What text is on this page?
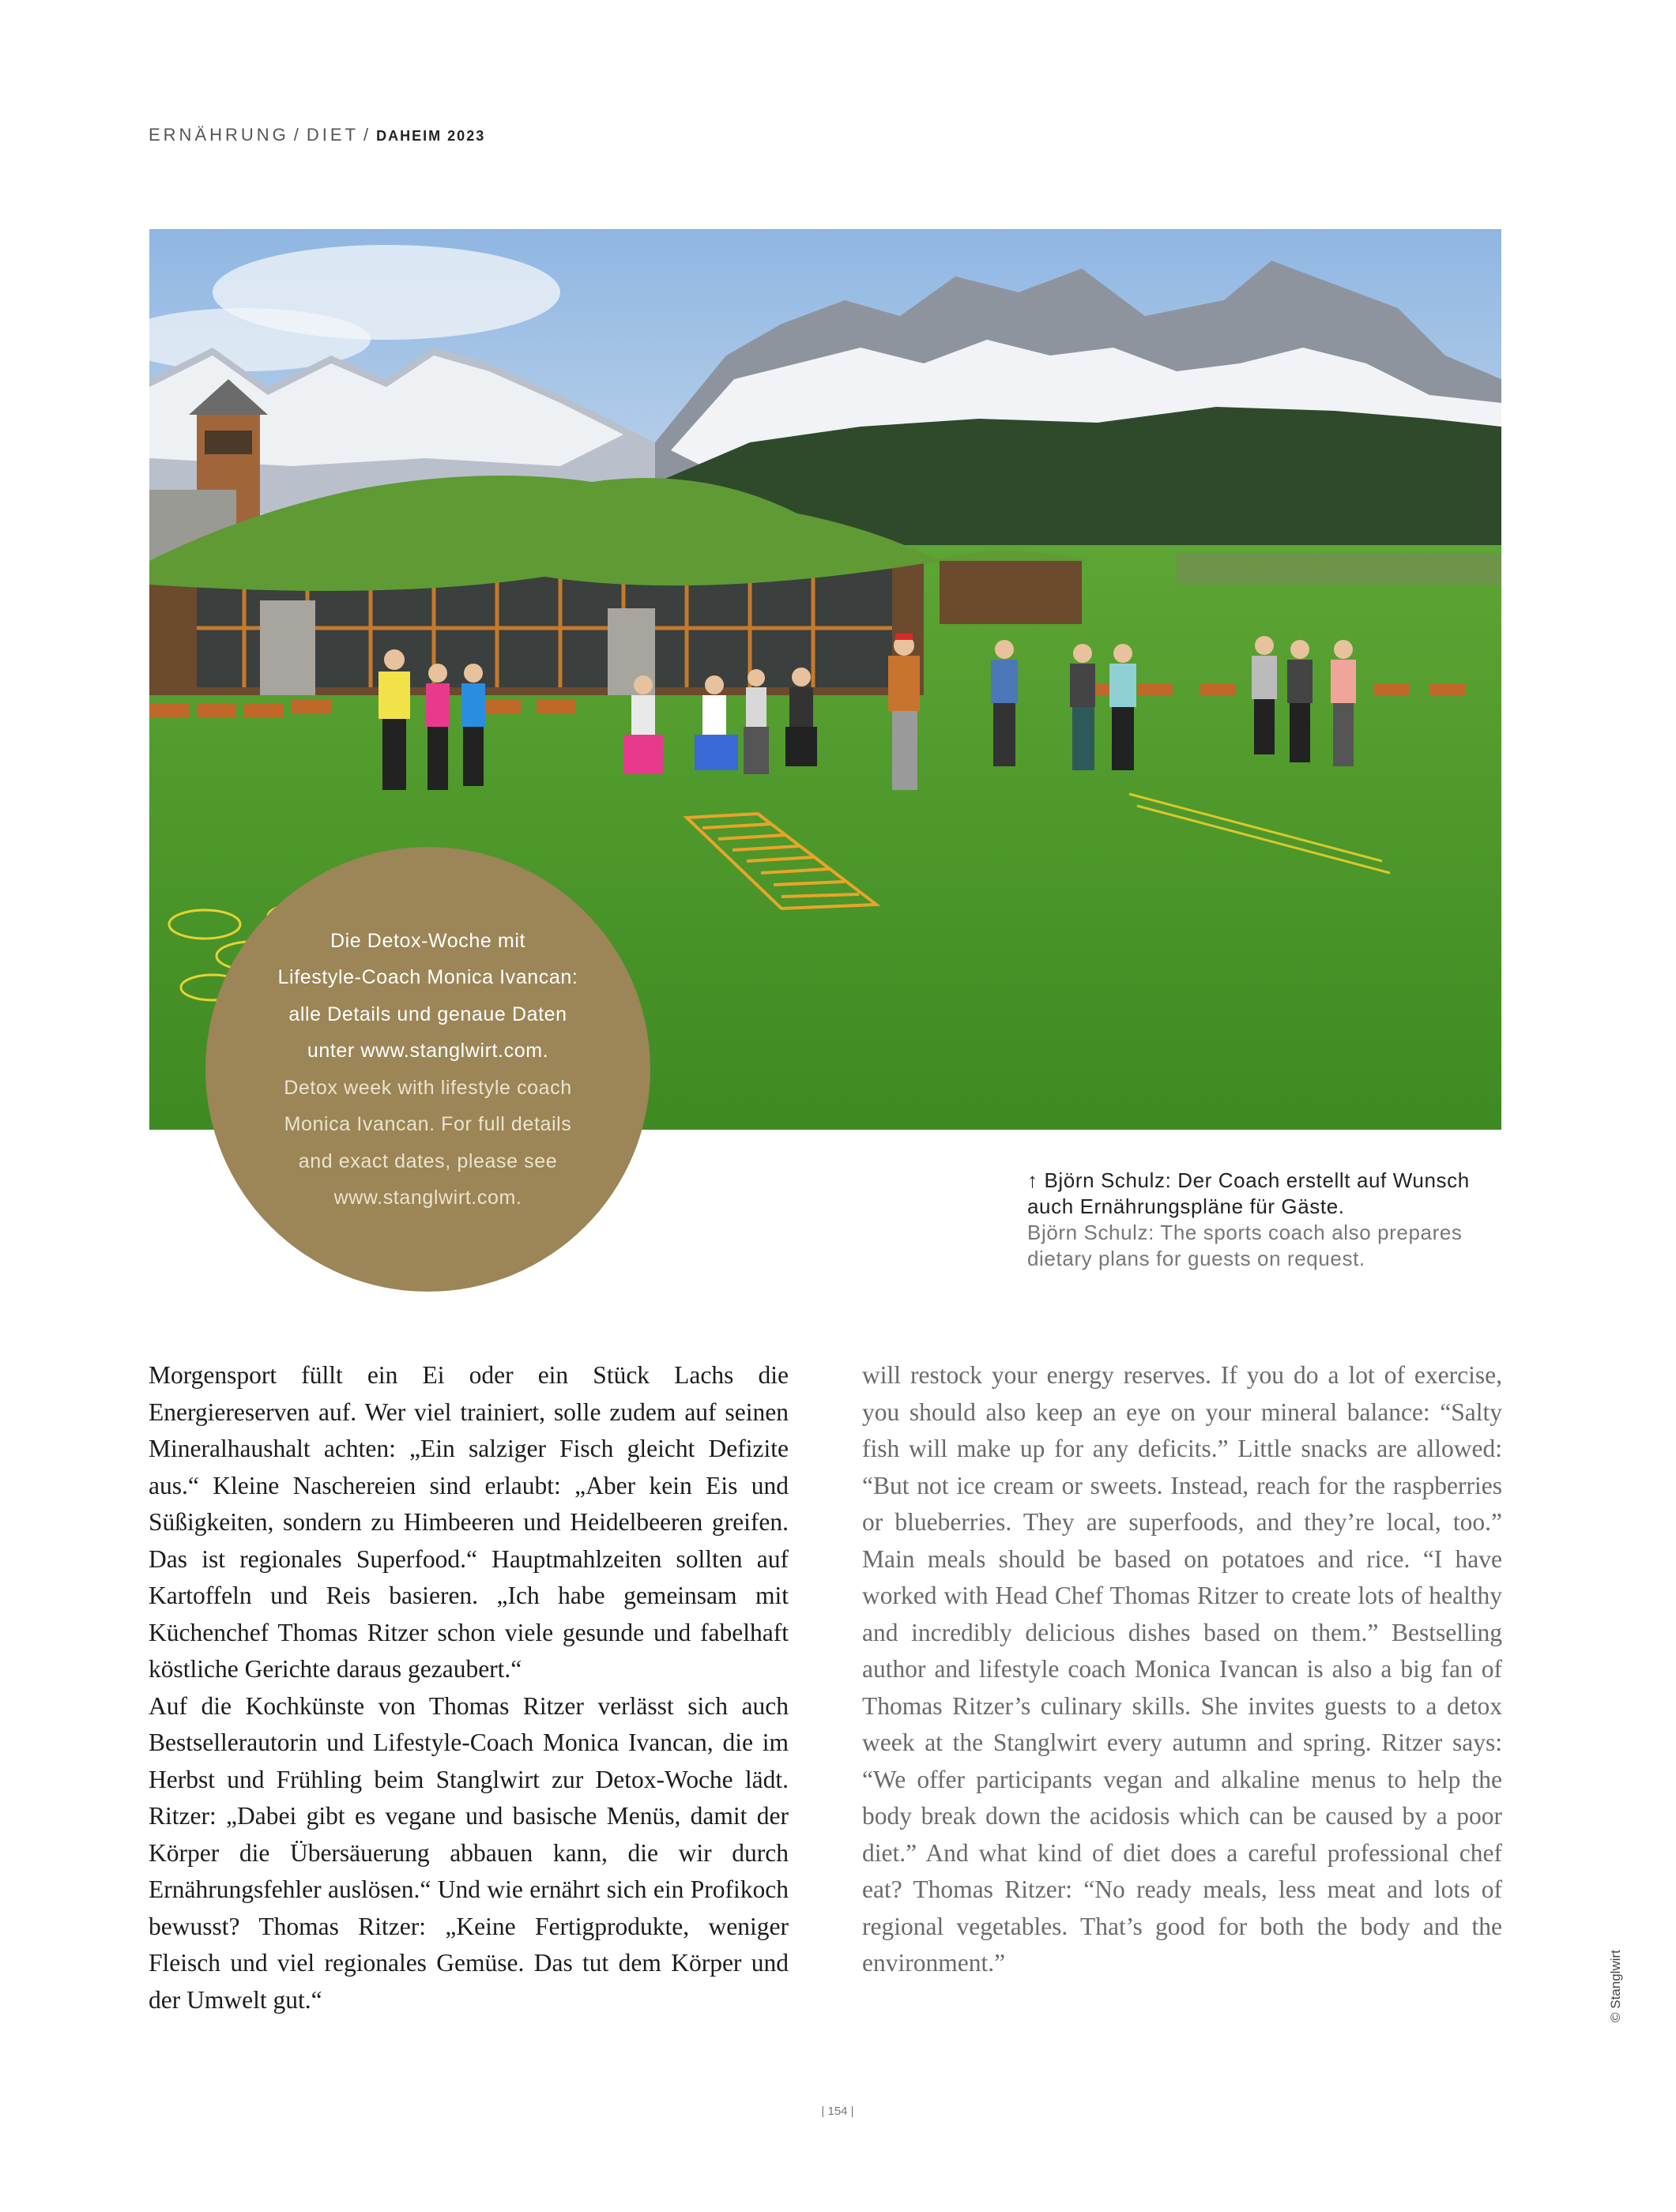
ERNÄHRUNG / DIET / DAHEIM 2023

Die Detox-Woche mit

Lifestyle-Coach Monica Ivancan:

alle Details und genaue Daten

unter www.stanglwirt.com.

Detox week with lifestyle coach

Monica Ivancan. For full details

and exact dates, please see

www.stanglwirt.com.

↑ Björn Schulz: Der Coach erstellt auf Wunsch auch Ernährungspläne für Gäste.

Björn Schulz: The sports coach also prepares dietary plans for guests on request.

Morgensport füllt ein Ei oder ein Stück Lachs die Energiereserven auf. Wer viel trainiert, solle zudem auf seinen Mineralhaushalt achten: „Ein salziger Fisch gleicht Defizite aus.“ Kleine Naschereien sind erlaubt: „Aber kein Eis und Süßigkeiten, sondern zu Himbeeren und Heidelbeeren greifen. Das ist regionales Superfood.“ Hauptmahlzeiten sollten auf Kartoffeln und Reis basieren. „Ich habe gemeinsam mit Küchenchef Thomas Ritzer schon viele gesunde und fabelhaft köstliche Gerichte daraus gezaubert.“

Auf die Kochkünste von Thomas Ritzer verlässt sich auch Bestsellerautorin und Lifestyle-Coach Monica Ivancan, die im Herbst und Frühling beim Stanglwirt zur Detox-Woche lädt. Ritzer: „Dabei gibt es vegane und basische Menüs, damit der Körper die Übersäuerung abbauen kann, die wir durch Ernährungsfehler auslösen.“ Und wie ernährt sich ein Profikoch bewusst? Thomas Ritzer: „Keine Fertigprodukte, weniger Fleisch und viel regionales Gemüse. Das tut dem Körper und der Umwelt gut.“

will restock your energy reserves. If you do a lot of exercise, you should also keep an eye on your mineral balance: “Salty fish will make up for any deficits.” Little snacks are allowed: “But not ice cream or sweets. Instead, reach for the raspberries or blueberries. They are superfoods, and they’re local, too.” Main meals should be based on potatoes and rice. “I have worked with Head Chef Thomas Ritzer to create lots of healthy and incredibly delicious dishes based on them.” Bestselling author and lifestyle coach Monica Ivancan is also a big fan of Thomas Ritzer’s culinary skills. She invites guests to a detox week at the Stanglwirt every autumn and spring. Ritzer says: “We offer participants vegan and alkaline menus to help the body break down the acidosis which can be caused by a poor diet.” And what kind of diet does a careful professional chef eat? Thomas Ritzer: “No ready meals, less meat and lots of regional vegetables. That’s good for both the body and the environment.”	© Stanglwirt
| 154 |
